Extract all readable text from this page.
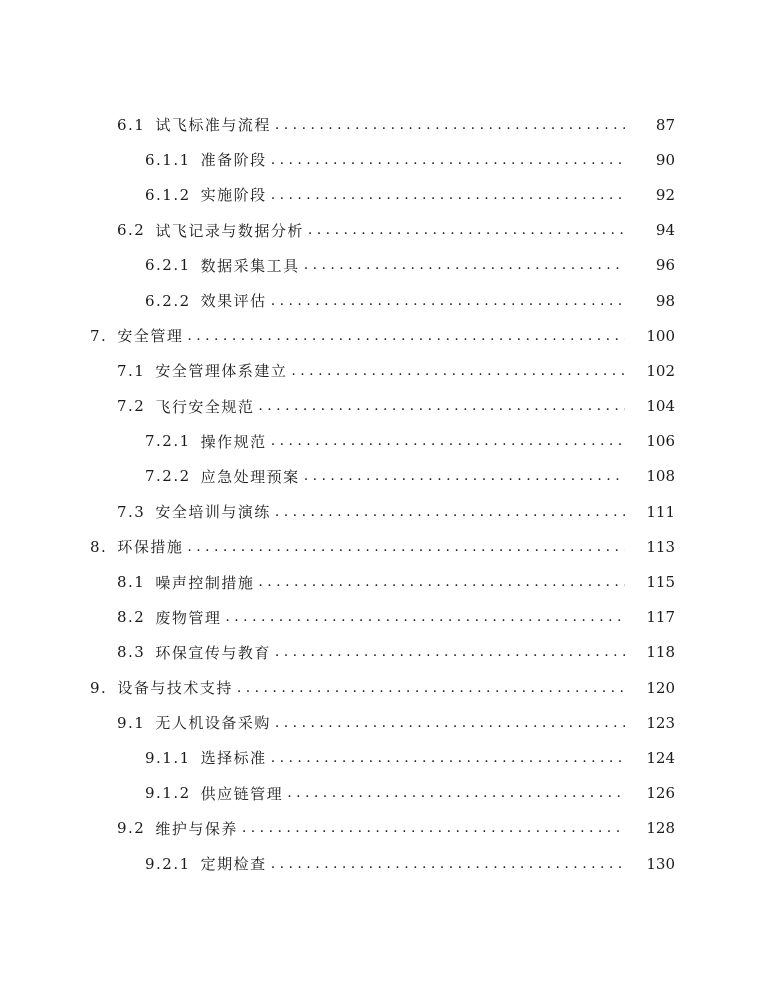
6.1 试飞标准与流程 . . .	87
6.1.1 准备阶段 . . .	90
6.1.2 实施阶段 . . .	92
6.2 试飞记录与数据分析 . . .	94
6.2.1 数据采集工具 . . .	96
6.2.2 效果评估 . . .	98
7. 安全管理 . . .	100
7.1 安全管理体系建立 . . .	102
7.2 飞行安全规范 . . .	104
7.2.1 操作规范 . . .	106
7.2.2 应急处理预案 . . .	108
7.3 安全培训与演练 . . .	111
8. 环保措施 . . .	113
8.1 噪声控制措施 . . .	115
8.2 废物管理 . . .	117
8.3 环保宣传与教育 . . .	118
9. 设备与技术支持 . . .	120
9.1 无人机设备采购 . . .	123
9.1.1 选择标准 . . .	124
9.1.2 供应链管理 . . .	126
9.2 维护与保养 . . .	128
9.2.1 定期检查 . . .	130
